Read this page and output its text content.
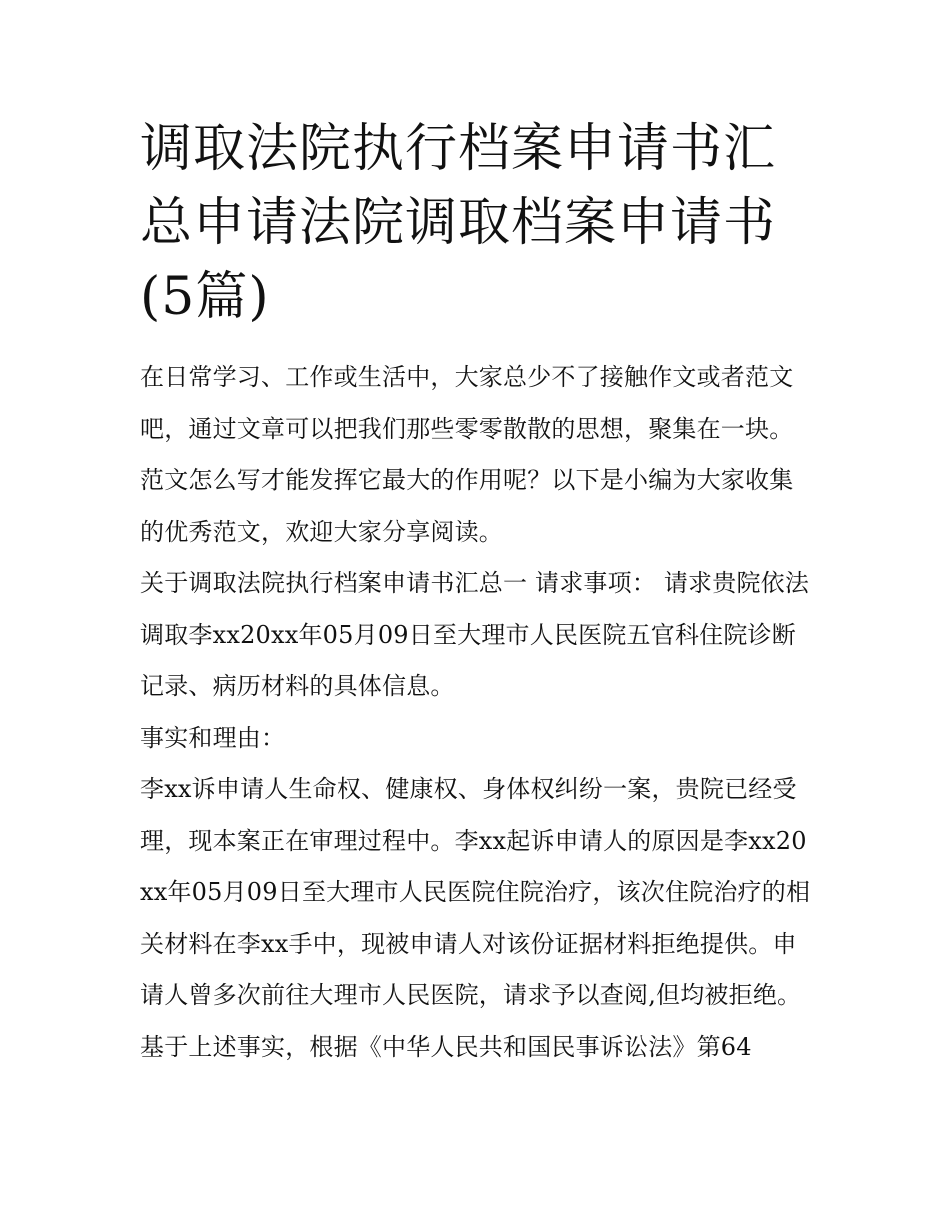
调取法院执行档案申请书汇总申请法院调取档案申请书(5篇)

在日常学习、工作或生活中，大家总少不了接触作文或者范文吧，通过文章可以把我们那些零零散散的思想，聚集在一块。范文怎么写才能发挥它最大的作用呢？以下是小编为大家收集的优秀范文，欢迎大家分享阅读。

关于调取法院执行档案申请书汇总一 请求事项： 请求贵院依法调取李xx20xx年05月09日至大理市人民医院五官科住院诊断记录、病历材料的具体信息。

事实和理由：

李xx诉申请人生命权、健康权、身体权纠纷一案，贵院已经受理，现本案正在审理过程中。李xx起诉申请人的原因是李xx20xx年05月09日至大理市人民医院住院治疗，该次住院治疗的相关材料在李xx手中，现被申请人对该份证据材料拒绝提供。申请人曾多次前往大理市人民医院，请求予以查阅,但均被拒绝。

基于上述事实，根据《中华人民共和国民事诉讼法》第64
